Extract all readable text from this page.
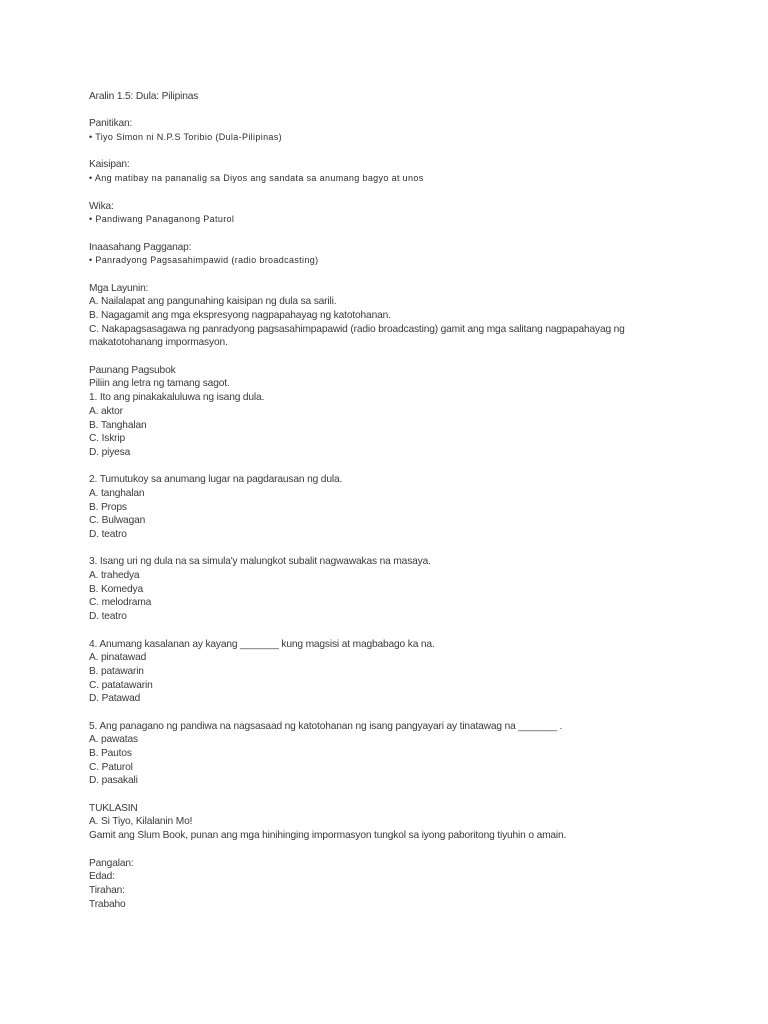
Aralin 1.5: Dula: Pilipinas
Panitikan:
• Tiyo Simon ni N.P.S Toribio (Dula-Pilipinas)
Kaisipan:
• Ang matibay na pananalig sa Diyos ang sandata sa anumang bagyo at unos
Wika:
• Pandiwang Panaganong Paturol
Inaasahang Pagganap:
• Panradyong Pagsasahimpawid (radio broadcasting)
Mga Layunin:
A. Nailalapat ang pangunahing kaisipan ng dula sa sarili.
B. Nagagamit ang mga ekspresyong nagpapahayag ng katotohanan.
C. Nakapagsasagawa ng panradyong pagsasahimpapawid (radio broadcasting) gamit ang mga salitang nagpapahayag ng
makatotohanang impormasyon.
Paunang Pagsubok
Piliin ang letra ng tamang sagot.
1. Ito ang pinakakaluluwa ng isang dula.
A. aktor
B. Tanghalan
C. Iskrip
D. piyesa
2. Tumutukoy sa anumang lugar na pagdarausan ng dula.
A. tanghalan
B. Props
C. Bulwagan
D. teatro
3. Isang uri ng dula na sa simula'y malungkot subalit nagwawakas na masaya.
A. trahedya
B. Komedya
C. melodrama
D. teatro
4. Anumang kasalanan ay kayang _______ kung magsisi at magbabago ka na.
A. pinatawad
B. patawarin
C. patatawarin
D. Patawad
5. Ang panagano ng pandiwa na nagsasaad ng katotohanan ng isang pangyayari ay tinatawag na _______ .
A. pawatas
B. Pautos
C. Paturol
D. pasakali
TUKLASIN
A. Si Tiyo, Kilalanin Mo!
Gamit ang Slum Book, punan ang mga hinihinging impormasyon tungkol sa iyong paboritong tiyuhin o amain.
Pangalan:
Edad:
Tirahan:
Trabaho
